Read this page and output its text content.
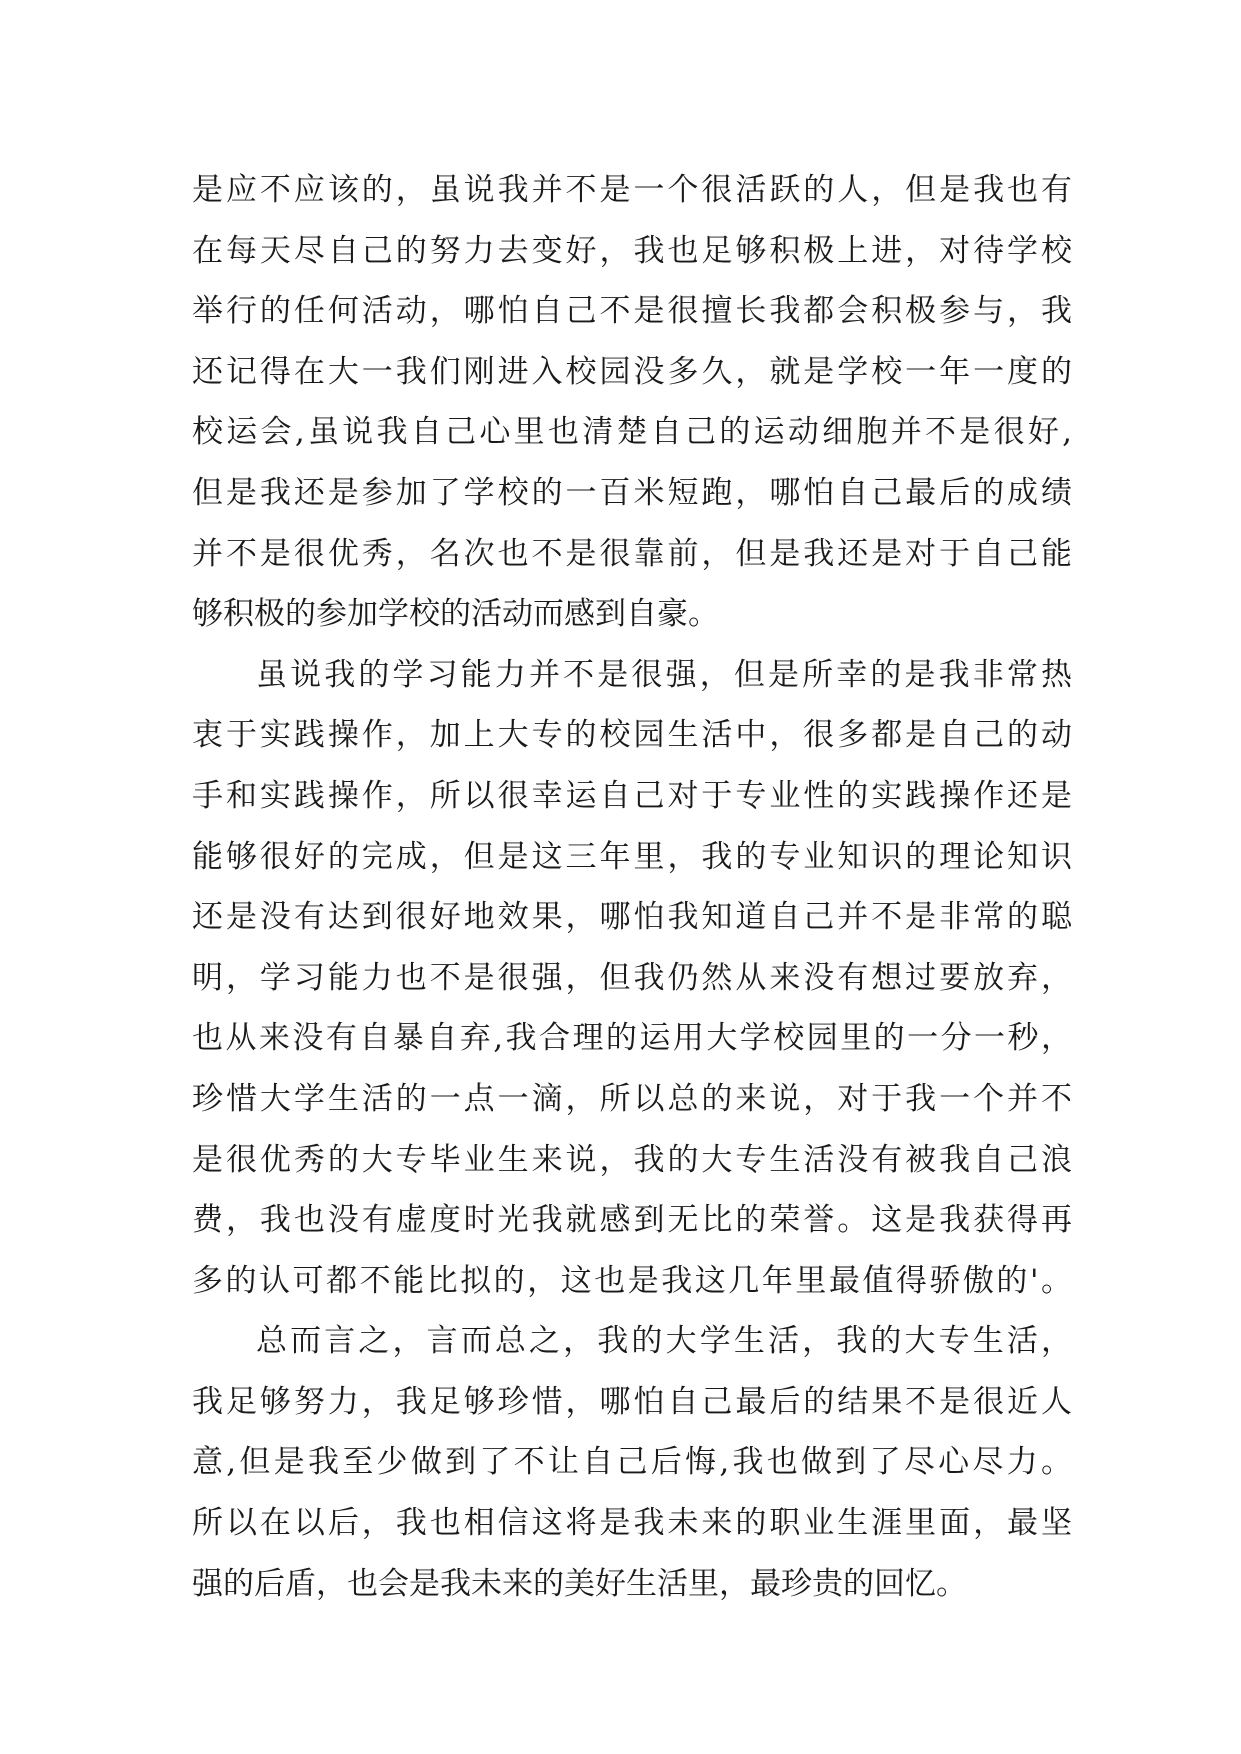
是应不应该的，虽说我并不是一个很活跃的人，但是我也有
在每天尽自己的努力去变好，我也足够积极上进，对待学校
举行的任何活动，哪怕自己不是很擅长我都会积极参与，我
还记得在大一我们刚进入校园没多久，就是学校一年一度的
校运会,虽说我自己心里也清楚自己的运动细胞并不是很好,
但是我还是参加了学校的一百米短跑，哪怕自己最后的成绩
并不是很优秀，名次也不是很靠前，但是我还是对于自己能
够积极的参加学校的活动而感到自豪。
虽说我的学习能力并不是很强，但是所幸的是我非常热
衷于实践操作，加上大专的校园生活中，很多都是自己的动
手和实践操作，所以很幸运自己对于专业性的实践操作还是
能够很好的完成，但是这三年里，我的专业知识的理论知识
还是没有达到很好地效果，哪怕我知道自己并不是非常的聪
明，学习能力也不是很强，但我仍然从来没有想过要放弃，
也从来没有自暴自弃,我合理的运用大学校园里的一分一秒，
珍惜大学生活的一点一滴，所以总的来说，对于我一个并不
是很优秀的大专毕业生来说，我的大专生活没有被我自己浪
费，我也没有虚度时光我就感到无比的荣誉。这是我获得再
多的认可都不能比拟的，这也是我这几年里最值得骄傲的'。
总而言之，言而总之，我的大学生活，我的大专生活，
我足够努力，我足够珍惜，哪怕自己最后的结果不是很近人
意,但是我至少做到了不让自己后悔,我也做到了尽心尽力。
所以在以后，我也相信这将是我未来的职业生涯里面，最坚
强的后盾，也会是我未来的美好生活里，最珍贵的回忆。
